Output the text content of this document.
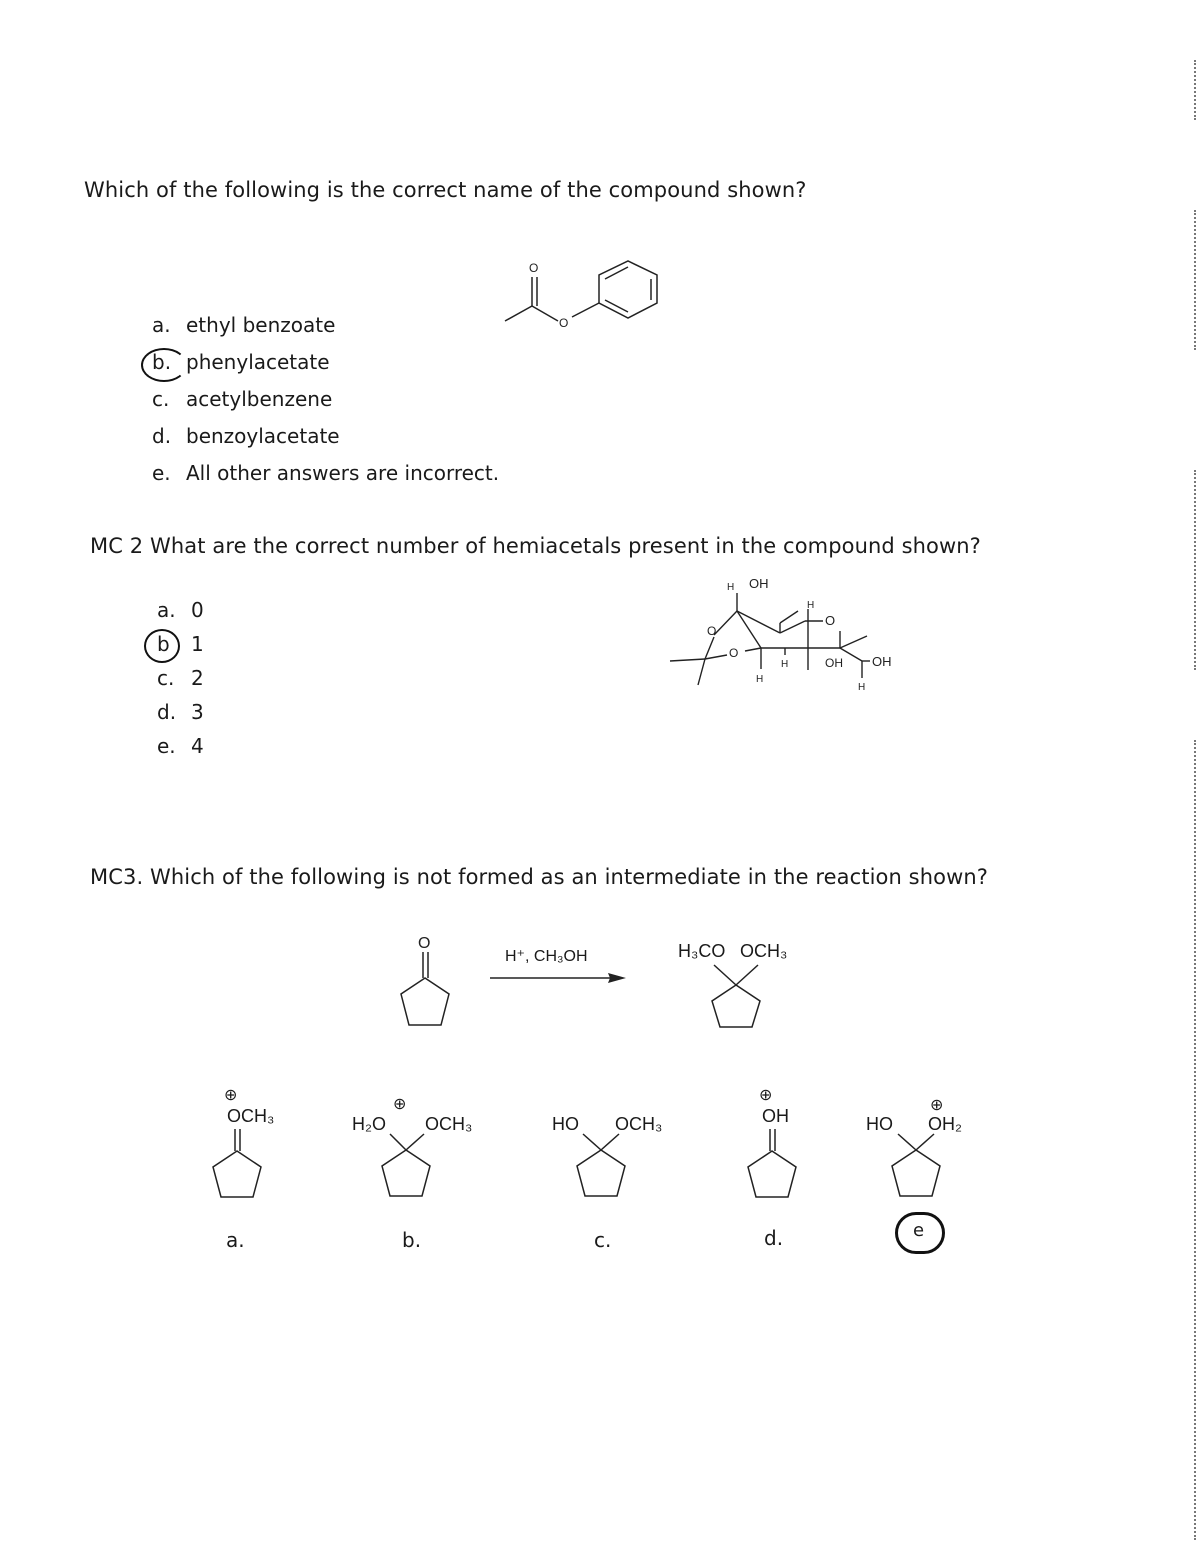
Which of the following is the correct name of the compound shown?
O
O
a. ethyl benzoate
b. phenylacetate
c. acetylbenzene
d. benzoylacetate
e. All other answers are incorrect.
MC 2 What are the correct number of hemiacetals present in the compound shown?
H OH
H
O
O
O
OH
H	OH
H
H
a. 0
b 1
c. 2
d. 3
e. 4
MC3. Which of the following is not formed as an intermediate in the reaction shown?
O
H⁺, CH₃OH	H₃CO OCH₃
⊕
OCH₃
a.
⊕
H₂O OCH₃
b.
HO OCH₃
c.
⊕
OH
d.
⊕
HO OH₂
e
